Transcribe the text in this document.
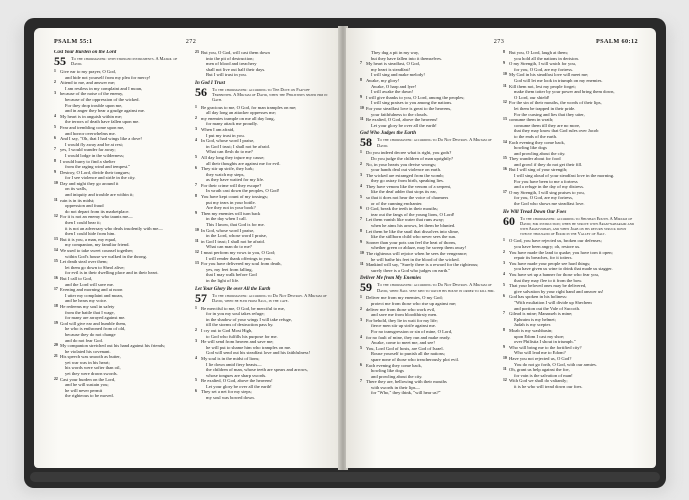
PSALM 55:1	272
Cast Your Burden on the Lord
55	To the choirmaster: with stringed instruments. A Maskil of David.
1 Give ear to my prayer, O God,
and hide not yourself from my plea for mercy!
2 Attend to me, and answer me;
I am restless in my complaint and I moan,
3 because of the noise of the enemy,
because of the oppression of the wicked.
For they drop trouble upon me,
and in anger they bear a grudge against me.
4 My heart is in anguish within me;
the terrors of death have fallen upon me.
5 Fear and trembling come upon me,
and horror overwhelms me.
6 And I say, "Oh, that I had wings like a dove!
I would fly away and be at rest;
7 yes, I would wander far away;
I would lodge in the wilderness;
8 I would hurry to find a shelter
from the raging wind and tempest."
9 Destroy, O Lord, divide their tongues;
for I see violence and strife in the city.
10 Day and night they go around it
on its walls,
and iniquity and trouble are within it;
11 ruin is in its midst;
oppression and fraud
do not depart from its marketplace.
12 For it is not an enemy who taunts me—
then I could bear it;
it is not an adversary who deals insolently with me—
then I could hide from him.
13 But it is you, a man, my equal,
my companion, my familiar friend.
14 We used to take sweet counsel together;
within God's house we walked in the throng.
15 Let death steal over them;
let them go down to Sheol alive;
for evil is in their dwelling place and in their heart.
16 But I call to God,
and the Lord will save me.
17 Evening and morning and at noon
I utter my complaint and moan,
and he hears my voice.
18 He redeems my soul in safety
from the battle that I wage,
for many are arrayed against me.
19 God will give ear and humble them,
he who is enthroned from of old,
because they do not change
and do not fear God.
20 My companion stretched out his hand against his friends;
he violated his covenant.
21 His speech was smooth as butter,
yet war was in his heart;
his words were softer than oil,
yet they were drawn swords.
22 Cast your burden on the Lord,
and he will sustain you;
he will never permit
the righteous to be moved.
23 But you, O God, will cast them down
into the pit of destruction;
men of blood and treachery
shall not live out half their days.
But I will trust in you.
In God I Trust
56	To the choirmaster: according to The Dove on Far-off Terebinths. A Miktam of David, when the Philistines seized him in Gath.
1 Be gracious to me, O God, for man tramples on me;
all day long an attacker oppresses me;
2 my enemies trample on me all day long,
for many attack me proudly.
3 When I am afraid,
I put my trust in you.
4 In God, whose word I praise,
in God I trust; I shall not be afraid.
What can flesh do to me?
5 All day long they injure my cause;
all their thoughts are against me for evil.
6 They stir up strife, they lurk;
they watch my steps,
as they have waited for my life.
7 For their crime will they escape?
In wrath cast down the peoples, O God!
8 You have kept count of my tossings;
put my tears in your bottle.
Are they not in your book?
9 Then my enemies will turn back
in the day when I call.
This I know, that God is for me.
10 In God, whose word I praise,
in the Lord, whose word I praise,
11 in God I trust; I shall not be afraid.
What can man do to me?
12 I must perform my vows to you, O God;
I will render thank offerings to you.
13 For you have delivered my soul from death,
yes, my feet from falling,
that I may walk before God
in the light of life.
Let Your Glory Be over All the Earth
57	To the choirmaster: according to Do Not Destroy. A Miktam of David, when he fled from Saul, in the cave.
1 Be merciful to me, O God, be merciful to me,
for in you my soul takes refuge;
in the shadow of your wings I will take refuge,
till the storms of destruction pass by.
2 I cry out to God Most High,
to God who fulfills his purpose for me.
3 He will send from heaven and save me;
he will put to shame him who tramples on me.
God will send out his steadfast love and his faithfulness!
4 My soul is in the midst of lions;
I lie down amid fiery beasts—
the children of man, whose teeth are spears and arrows,
whose tongues are sharp swords.
5 Be exalted, O God, above the heavens!
Let your glory be over all the earth!
6 They set a net for my steps;
my soul was bowed down.
273	PSALM 60:12
They dug a pit in my way,
but they have fallen into it themselves.
7 My heart is steadfast, O God,
my heart is steadfast!
I will sing and make melody!
8 Awake, my glory!
Awake, O harp and lyre!
I will awake the dawn!
9 I will give thanks to you, O Lord, among the peoples;
I will sing praises to you among the nations.
10 For your steadfast love is great to the heavens,
your faithfulness to the clouds.
11 Be exalted, O God, above the heavens!
Let your glory be over all the earth!
God Who Judges the Earth
58	To the choirmaster: according to Do Not Destroy. A Miktam of David.
1 Do you indeed decree what is right, you gods?
Do you judge the children of man uprightly?
2 No, in your hearts you devise wrongs;
your hands deal out violence on earth.
3 The wicked are estranged from the womb;
they go astray from birth, speaking lies.
4 They have venom like the venom of a serpent,
like the deaf adder that stops its ear,
5 so that it does not hear the voice of charmers
or of the cunning enchanter.
6 O God, break the teeth in their mouths;
tear out the fangs of the young lions, O Lord!
7 Let them vanish like water that runs away;
when he aims his arrows, let them be blunted.
8 Let them be like the snail that dissolves into slime,
like the stillborn child who never sees the sun.
9 Sooner than your pots can feel the heat of thorns,
whether green or ablaze, may he sweep them away!
10 The righteous will rejoice when he sees the vengeance;
he will bathe his feet in the blood of the wicked.
11 Mankind will say, "Surely there is a reward for the righteous;
surely there is a God who judges on earth."
Deliver Me from My Enemies
59	To the choirmaster: according to Do Not Destroy. A Miktam of David, when Saul sent men to watch his house in order to kill him.
1 Deliver me from my enemies, O my God;
protect me from those who rise up against me;
2 deliver me from those who work evil,
and save me from bloodthirsty men.
3 For behold, they lie in wait for my life;
fierce men stir up strife against me.
For no transgression or sin of mine, O Lord,
4 for no fault of mine, they run and make ready.
Awake, come to meet me, and see!
5 You, Lord God of hosts, are God of Israel.
Rouse yourself to punish all the nations;
spare none of those who treacherously plot evil.
6 Each evening they come back,
howling like dogs
and prowling about the city.
7 There they are, bellowing with their mouths
with swords in their lips—
for "Who," they think, "will hear us?"
8 But you, O Lord, laugh at them;
you hold all the nations in derision.
9 O my Strength, I will watch for you,
for you, O God, are my fortress.
10 My God in his steadfast love will meet me;
God will let me look in triumph on my enemies.
11 Kill them not, lest my people forget;
make them totter by your power and bring them down,
O Lord, our shield!
12 For the sin of their mouths, the words of their lips,
let them be trapped in their pride.
For the cursing and lies that they utter,
13 consume them in wrath;
consume them till they are no more,
that they may know that God rules over Jacob
to the ends of the earth.
14 Each evening they come back,
howling like dogs
and prowling about the city.
15 They wander about for food
and growl if they do not get their fill.
16 But I will sing of your strength;
I will sing aloud of your steadfast love in the morning.
For you have been to me a fortress
and a refuge in the day of my distress.
17 O my Strength, I will sing praises to you,
for you, O God, are my fortress,
the God who shows me steadfast love.
He Will Tread Down Our Foes
60	To the choirmaster: according to Shushan Eduth. A Miktam of David; for instruction; when he strove with Aram-naharaim and with Aram-zobah, and when Joab on his return struck down twelve thousand of Edom in the Valley of Salt.
1 O God, you have rejected us, broken our defenses;
you have been angry; oh, restore us.
2 You have made the land to quake; you have torn it open;
repair its breaches, for it totters.
3 You have made your people see hard things;
you have given us wine to drink that made us stagger.
4 You have set up a banner for those who fear you,
that they may flee to it from the bow.
5 That your beloved ones may be delivered,
give salvation by your right hand and answer us!
6 God has spoken in his holiness:
"With exultation I will divide up Shechem
and portion out the Vale of Succoth.
7 Gilead is mine; Manasseh is mine;
Ephraim is my helmet;
Judah is my scepter.
8 Moab is my washbasin;
upon Edom I cast my shoe;
over Philistia I shout in triumph."
9 Who will bring me to the fortified city?
Who will lead me to Edom?
10 Have you not rejected us, O God?
You do not go forth, O God, with our armies.
11 Oh, grant us help against the foe,
for vain is the salvation of man!
12 With God we shall do valiantly;
it is he who will tread down our foes.
